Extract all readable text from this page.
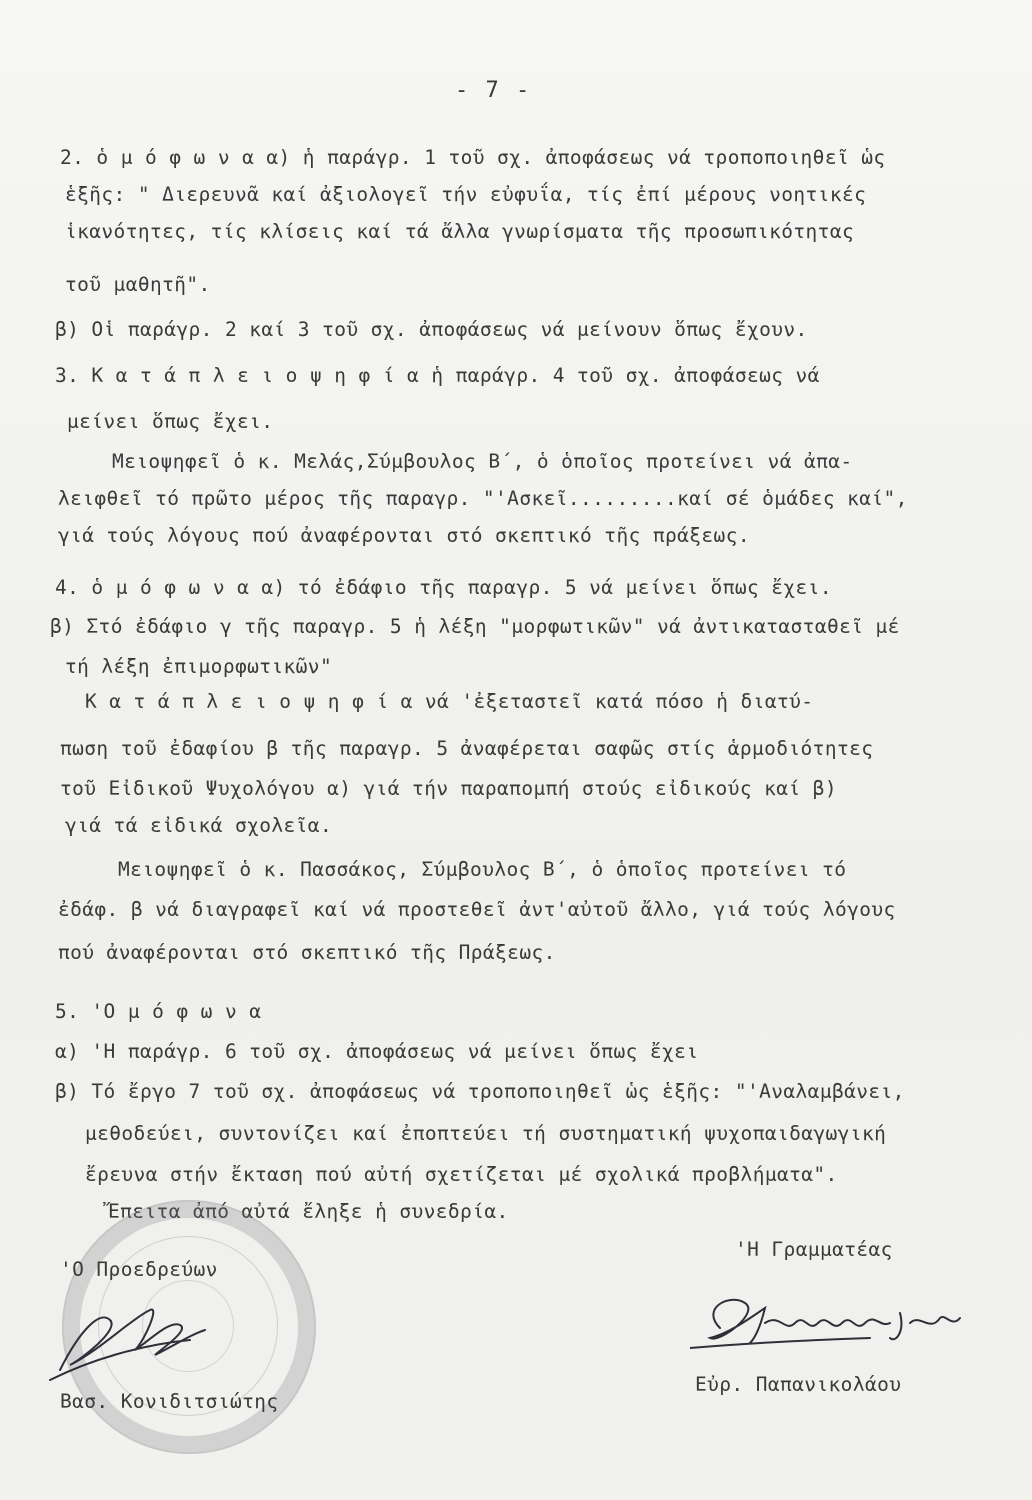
- 7 -
2. ὁ μ ό φ ω ν α α) ἡ παράγρ. 1 τοῦ σχ. ἀποφάσεως νά τροποποιηθεῖ ὡς
ἑξῆς: " Διερευνᾶ καί ἀξιολογεῖ τήν εὐφυΐα, τίς ἐπί μέρους νοητικές
ἱκανότητες, τίς κλίσεις καί τά ἄλλα γνωρίσματα τῆς προσωπικότητας
τοῦ μαθητῆ".
β) Οἱ παράγρ. 2 καί 3 τοῦ σχ. ἀποφάσεως νά μείνουν ὅπως ἔχουν.
3. Κ α τ ά π λ ε ι ο ψ η φ ί α ἡ παράγρ. 4 τοῦ σχ. ἀποφάσεως νά
μείνει ὅπως ἔχει.
Μειοψηφεῖ ὁ κ. Μελάς,Σύμβουλος Β΄, ὁ ὁποῖος προτείνει νά ἀπα-
λειφθεῖ τό πρῶτο μέρος τῆς παραγρ. "'Ασκεῖ.........καί σέ ὁμάδες καί",
γιά τούς λόγους πού ἀναφέρονται στό σκεπτικό τῆς πράξεως.
4. ὁ μ ό φ ω ν α α) τό ἐδάφιο τῆς παραγρ. 5 νά μείνει ὅπως ἔχει.
β) Στό ἐδάφιο γ τῆς παραγρ. 5 ἡ λέξη "μορφωτικῶν" νά ἀντικατασταθεῖ μέ
τή λέξη ἐπιμορφωτικῶν"
Κ α τ ά π λ ε ι ο ψ η φ ί α νά 'ἐξεταστεῖ κατά πόσο ἡ διατύ-
πωση τοῦ ἐδαφίου β τῆς παραγρ. 5 ἀναφέρεται σαφῶς στίς ἁρμοδιότητες
τοῦ Εἰδικοῦ Ψυχολόγου α) γιά τήν παραπομπή στούς εἰδικούς καί β)
γιά τά εἰδικά σχολεῖα.
Μειοψηφεῖ ὁ κ. Πασσάκος, Σύμβουλος Β΄, ὁ ὁποῖος προτείνει τό
ἐδάφ. β νά διαγραφεῖ καί νά προστεθεῖ ἀντ'αὐτοῦ ἄλλο, γιά τούς λόγους
πού ἀναφέρονται στό σκεπτικό τῆς Πράξεως.
5. 'Ο μ ό φ ω ν α
α) 'Η παράγρ. 6 τοῦ σχ. ἀποφάσεως νά μείνει ὅπως ἔχει
β) Τό ἔργο 7 τοῦ σχ. ἀποφάσεως νά τροποποιηθεῖ ὡς ἑξῆς: "'Αναλαμβάνει,
μεθοδεύει, συντονίζει καί ἐποπτεύει τή συστηματική ψυχοπαιδαγωγική
ἔρευνα στήν ἔκταση πού αὐτή σχετίζεται μέ σχολικά προβλήματα".
Ἔπειτα ἀπό αὐτά ἔληξε ἡ συνεδρία.
'Ο Προεδρεύων
Βασ. Κονιδιτσιώτης
'Η Γραμματέας
Εὐρ. Παπανικολάου
